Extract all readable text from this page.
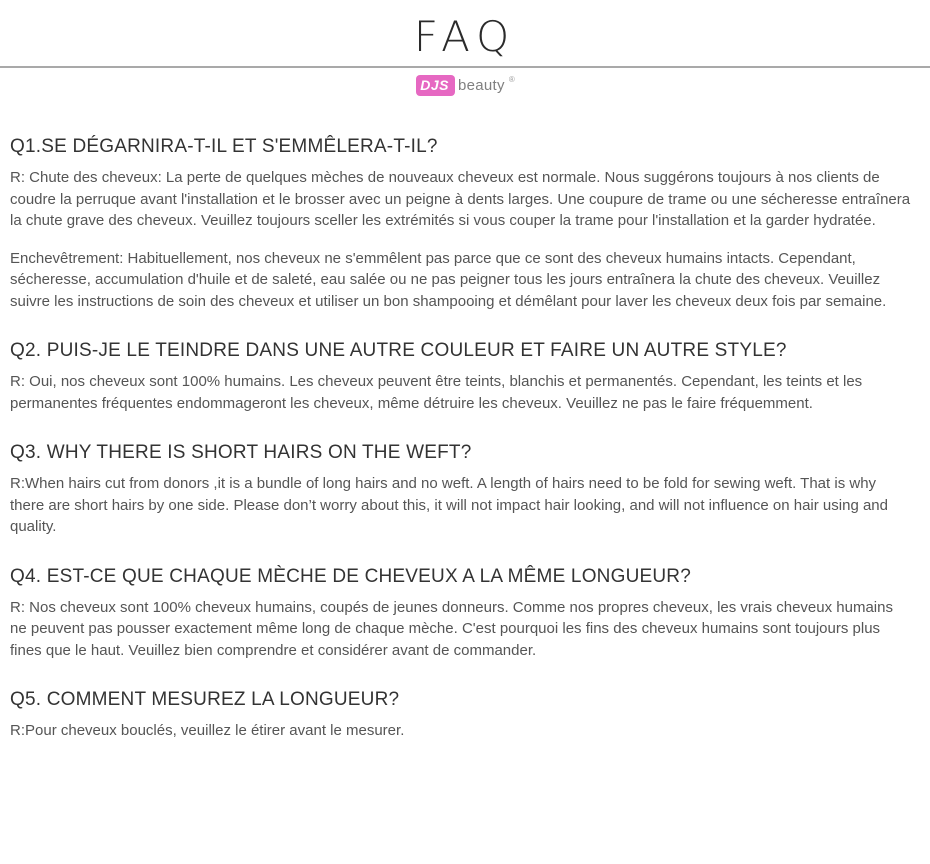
FAQ
DJS beauty ®
Q1.SE DÉGARNIRA-T-IL ET S'EMMÊLERA-T-IL?

R: Chute des cheveux: La perte de quelques mèches de nouveaux cheveux est normale. Nous suggérons toujours à nos clients de coudre la perruque avant l'installation et le brosser avec un peigne à dents larges. Une coupure de trame ou une sécheresse entraînera la chute grave des cheveux. Veuillez toujours sceller les extrémités si vous couper la trame pour l'installation et la garder hydratée.

Enchevêtrement: Habituellement, nos cheveux ne s'emmêlent pas parce que ce sont des cheveux humains intacts. Cependant, sécheresse, accumulation d'huile et de saleté, eau salée ou ne pas peigner tous les jours entraînera la chute des cheveux. Veuillez suivre les instructions de soin des cheveux et utiliser un bon shampooing et démêlant pour laver les cheveux deux fois par semaine.

Q2. PUIS-JE LE TEINDRE DANS UNE AUTRE COULEUR ET FAIRE UN AUTRE STYLE?

R: Oui, nos cheveux sont 100% humains. Les cheveux peuvent être teints, blanchis et permanentés. Cependant, les teints et les permanentes fréquentes endommageront les cheveux, même détruire les cheveux. Veuillez ne pas le faire fréquemment.

Q3. WHY THERE IS SHORT HAIRS ON THE WEFT?

R:When hairs cut from donors ,it is a bundle of long hairs and no weft. A length of hairs need to be fold for sewing weft. That is why there are short hairs by one side. Please don’t worry about this, it will not impact hair looking, and will not influence on hair using and quality.

Q4. EST-CE QUE CHAQUE MÈCHE DE CHEVEUX A LA MÊME LONGUEUR?

R: Nos cheveux sont 100% cheveux humains, coupés de jeunes donneurs. Comme nos propres cheveux, les vrais cheveux humains ne peuvent pas pousser exactement même long de chaque mèche. C'est pourquoi les fins des cheveux humains sont toujours plus fines que le haut. Veuillez bien comprendre et considérer avant de commander.

Q5. COMMENT MESUREZ LA LONGUEUR?

R:Pour cheveux bouclés, veuillez le étirer avant le mesurer.
